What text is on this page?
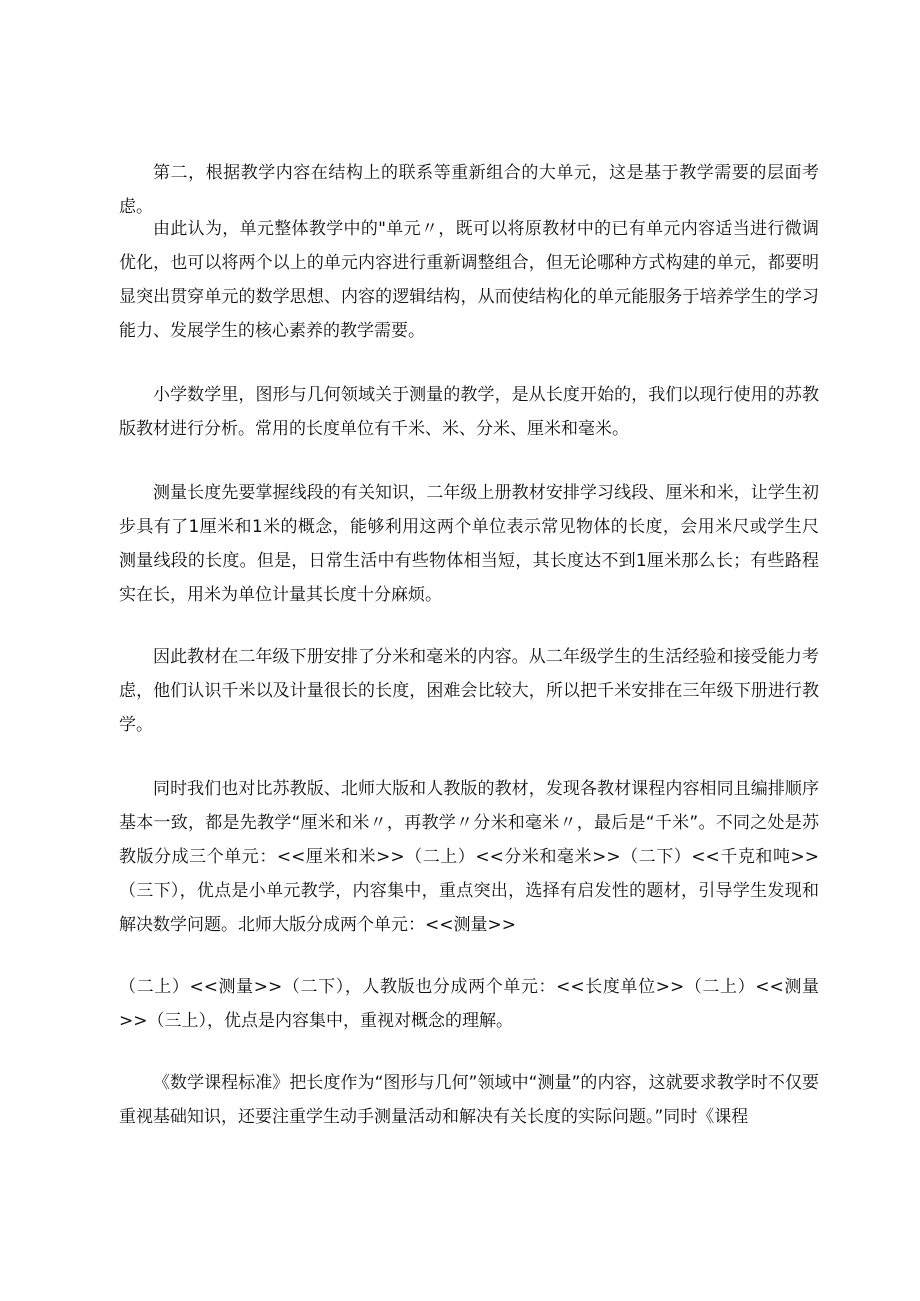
第二，根据教学内容在结构上的联系等重新组合的大单元，这是基于教学需要的层面考虑。

由此认为，单元整体教学中的"单元〃，既可以将原教材中的已有单元内容适当进行微调优化，也可以将两个以上的单元内容进行重新调整组合，但无论哪种方式构建的单元，都要明显突出贯穿单元的数学思想、内容的逻辑结构，从而使结构化的单元能服务于培养学生的学习能力、发展学生的核心素养的教学需要。

小学数学里，图形与几何领域关于测量的教学，是从长度开始的，我们以现行使用的苏教版教材进行分析。常用的长度单位有千米、米、分米、厘米和毫米。

测量长度先要掌握线段的有关知识，二年级上册教材安排学习线段、厘米和米，让学生初步具有了1厘米和1米的概念，能够利用这两个单位表示常见物体的长度，会用米尺或学生尺测量线段的长度。但是，日常生活中有些物体相当短，其长度达不到1厘米那么长；有些路程实在长，用米为单位计量其长度十分麻烦。

因此教材在二年级下册安排了分米和毫米的内容。从二年级学生的生活经验和接受能力考虑，他们认识千米以及计量很长的长度，困难会比较大，所以把千米安排在三年级下册进行教学。

同时我们也对比苏教版、北师大版和人教版的教材，发现各教材课程内容相同且编排顺序基本一致，都是先教学“厘米和米〃，再教学〃分米和毫米〃，最后是“千米”。不同之处是苏教版分成三个单元：<<厘米和米>>（二上）<<分米和毫米>>（二下）<<千克和吨>>（三下），优点是小单元教学，内容集中，重点突出，选择有启发性的题材，引导学生发现和解决数学问题。北师大版分成两个单元：<<测量>>

（二上）<<测量>>（二下），人教版也分成两个单元：<<长度单位>>（二上）<<测量>>（三上），优点是内容集中，重视对概念的理解。

《数学课程标准》把长度作为“图形与几何”领域中“测量”的内容，这就要求教学时不仅要重视基础知识，还要注重学生动手测量活动和解决有关长度的实际问题。”同时《课程
